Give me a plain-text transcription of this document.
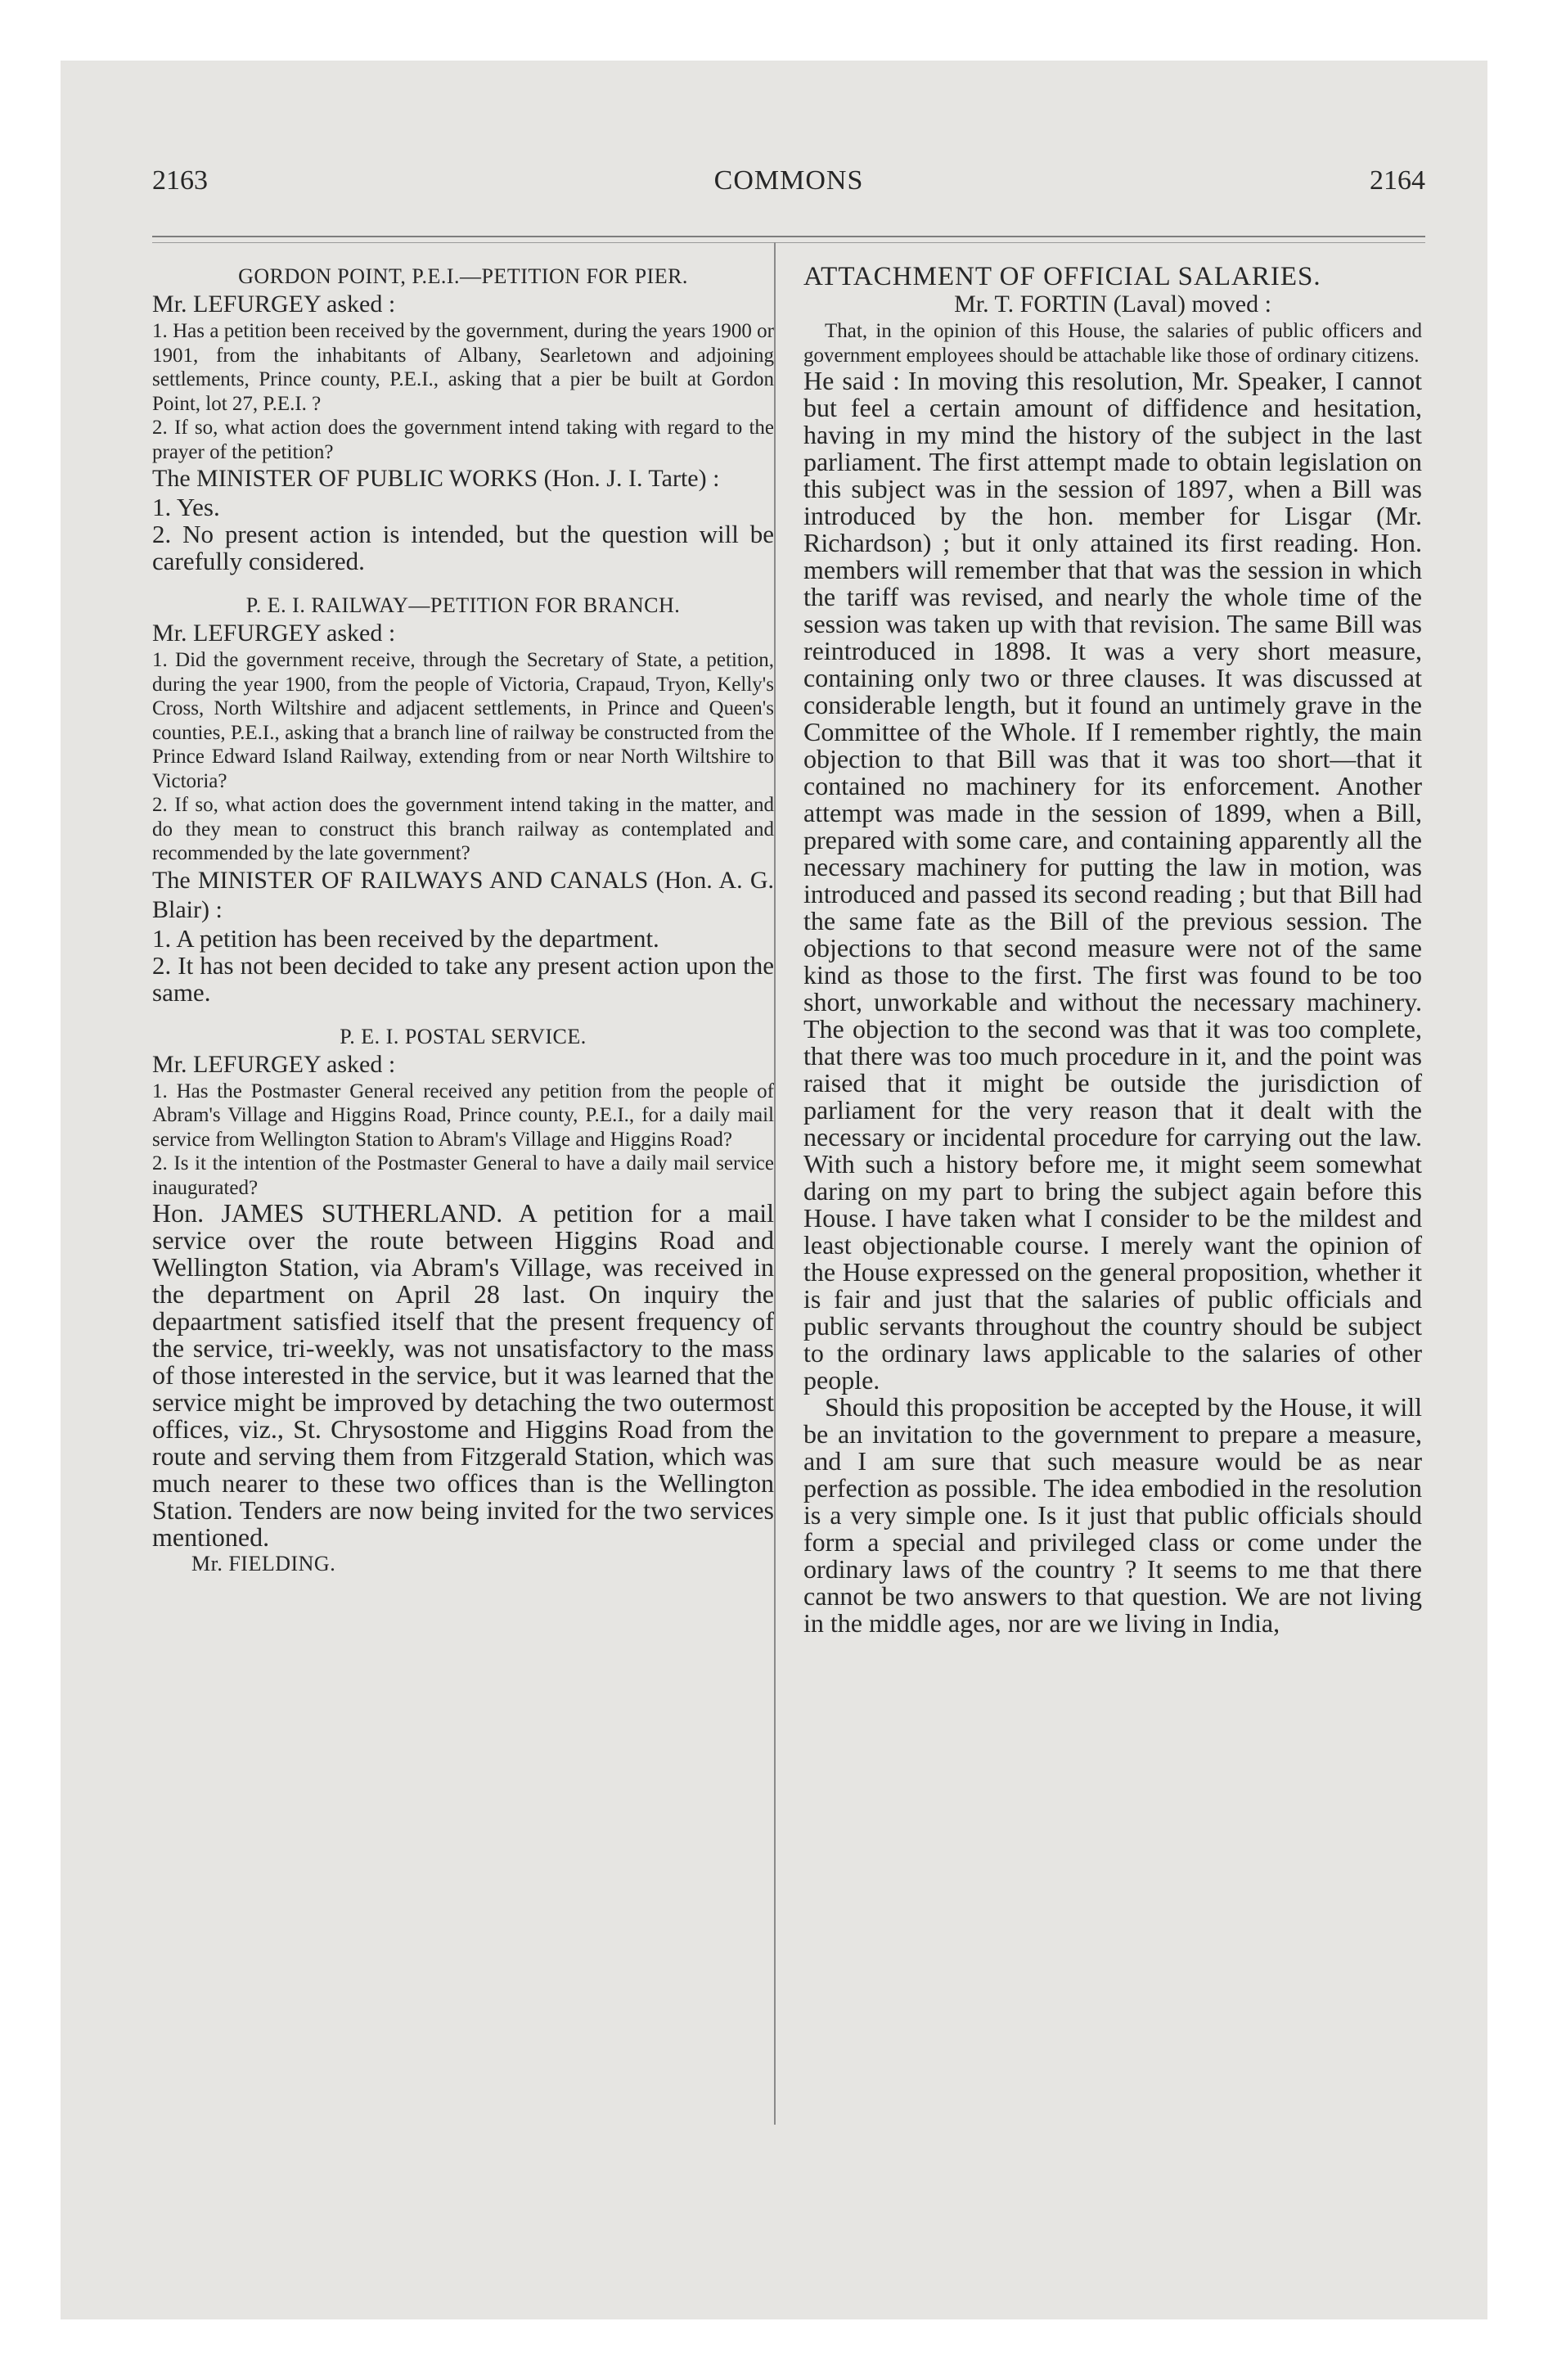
2163	COMMONS	2164

GORDON POINT, P.E.I.—PETITION FOR PIER.

Mr. LEFURGEY asked :

1. Has a petition been received by the government, during the years 1900 or 1901, from the inhabitants of Albany, Searletown and adjoining settlements, Prince county, P.E.I., asking that a pier be built at Gordon Point, lot 27, P.E.I. ?

2. If so, what action does the government intend taking with regard to the prayer of the petition?

The MINISTER OF PUBLIC WORKS (Hon. J. I. Tarte) :

1. Yes.

2. No present action is intended, but the question will be carefully considered.

P. E. I. RAILWAY—PETITION FOR BRANCH.

Mr. LEFURGEY asked :

1. Did the government receive, through the Secretary of State, a petition, during the year 1900, from the people of Victoria, Crapaud, Tryon, Kelly's Cross, North Wiltshire and adjacent settlements, in Prince and Queen's counties, P.E.I., asking that a branch line of railway be constructed from the Prince Edward Island Railway, extending from or near North Wiltshire to Victoria?

2. If so, what action does the government intend taking in the matter, and do they mean to construct this branch railway as contemplated and recommended by the late government?

The MINISTER OF RAILWAYS AND CANALS (Hon. A. G. Blair) :

1. A petition has been received by the department.

2. It has not been decided to take any present action upon the same.

P. E. I. POSTAL SERVICE.

Mr. LEFURGEY asked :

1. Has the Postmaster General received any petition from the people of Abram's Village and Higgins Road, Prince county, P.E.I., for a daily mail service from Wellington Station to Abram's Village and Higgins Road?

2. Is it the intention of the Postmaster General to have a daily mail service inaugurated?

Hon. JAMES SUTHERLAND. A petition for a mail service over the route between Higgins Road and Wellington Station, via Abram's Village, was received in the department on April 28 last. On inquiry the depaartment satisfied itself that the present frequency of the service, tri-weekly, was not unsatisfactory to the mass of those interested in the service, but it was learned that the service might be improved by detaching the two outermost offices, viz., St. Chrysostome and Higgins Road from the route and serving them from Fitzgerald Station, which was much nearer to these two offices than is the Wellington Station. Tenders are now being invited for the two services mentioned.

Mr. FIELDING.

ATTACHMENT OF OFFICIAL SALARIES.

Mr. T. FORTIN (Laval) moved :

That, in the opinion of this House, the salaries of public officers and government employees should be attachable like those of ordinary citizens.

He said : In moving this resolution, Mr. Speaker, I cannot but feel a certain amount of diffidence and hesitation, having in my mind the history of the subject in the last parliament. The first attempt made to obtain legislation on this subject was in the session of 1897, when a Bill was introduced by the hon. member for Lisgar (Mr. Richardson) ; but it only attained its first reading. Hon. members will remember that that was the session in which the tariff was revised, and nearly the whole time of the session was taken up with that revision. The same Bill was reintroduced in 1898. It was a very short measure, containing only two or three clauses. It was discussed at considerable length, but it found an untimely grave in the Committee of the Whole. If I remember rightly, the main objection to that Bill was that it was too short—that it contained no machinery for its enforcement. Another attempt was made in the session of 1899, when a Bill, prepared with some care, and containing apparently all the necessary machinery for putting the law in motion, was introduced and passed its second reading ; but that Bill had the same fate as the Bill of the previous session. The objections to that second measure were not of the same kind as those to the first. The first was found to be too short, unworkable and without the necessary machinery. The objection to the second was that it was too complete, that there was too much procedure in it, and the point was raised that it might be outside the jurisdiction of parliament for the very reason that it dealt with the necessary or incidental procedure for carrying out the law. With such a history before me, it might seem somewhat daring on my part to bring the subject again before this House. I have taken what I consider to be the mildest and least objectionable course. I merely want the opinion of the House expressed on the general proposition, whether it is fair and just that the salaries of public officials and public servants throughout the country should be subject to the ordinary laws applicable to the salaries of other people.

Should this proposition be accepted by the House, it will be an invitation to the government to prepare a measure, and I am sure that such measure would be as near perfection as possible. The idea embodied in the resolution is a very simple one. Is it just that public officials should form a special and privileged class or come under the ordinary laws of the country ? It seems to me that there cannot be two answers to that question. We are not living in the middle ages, nor are we living in India,
